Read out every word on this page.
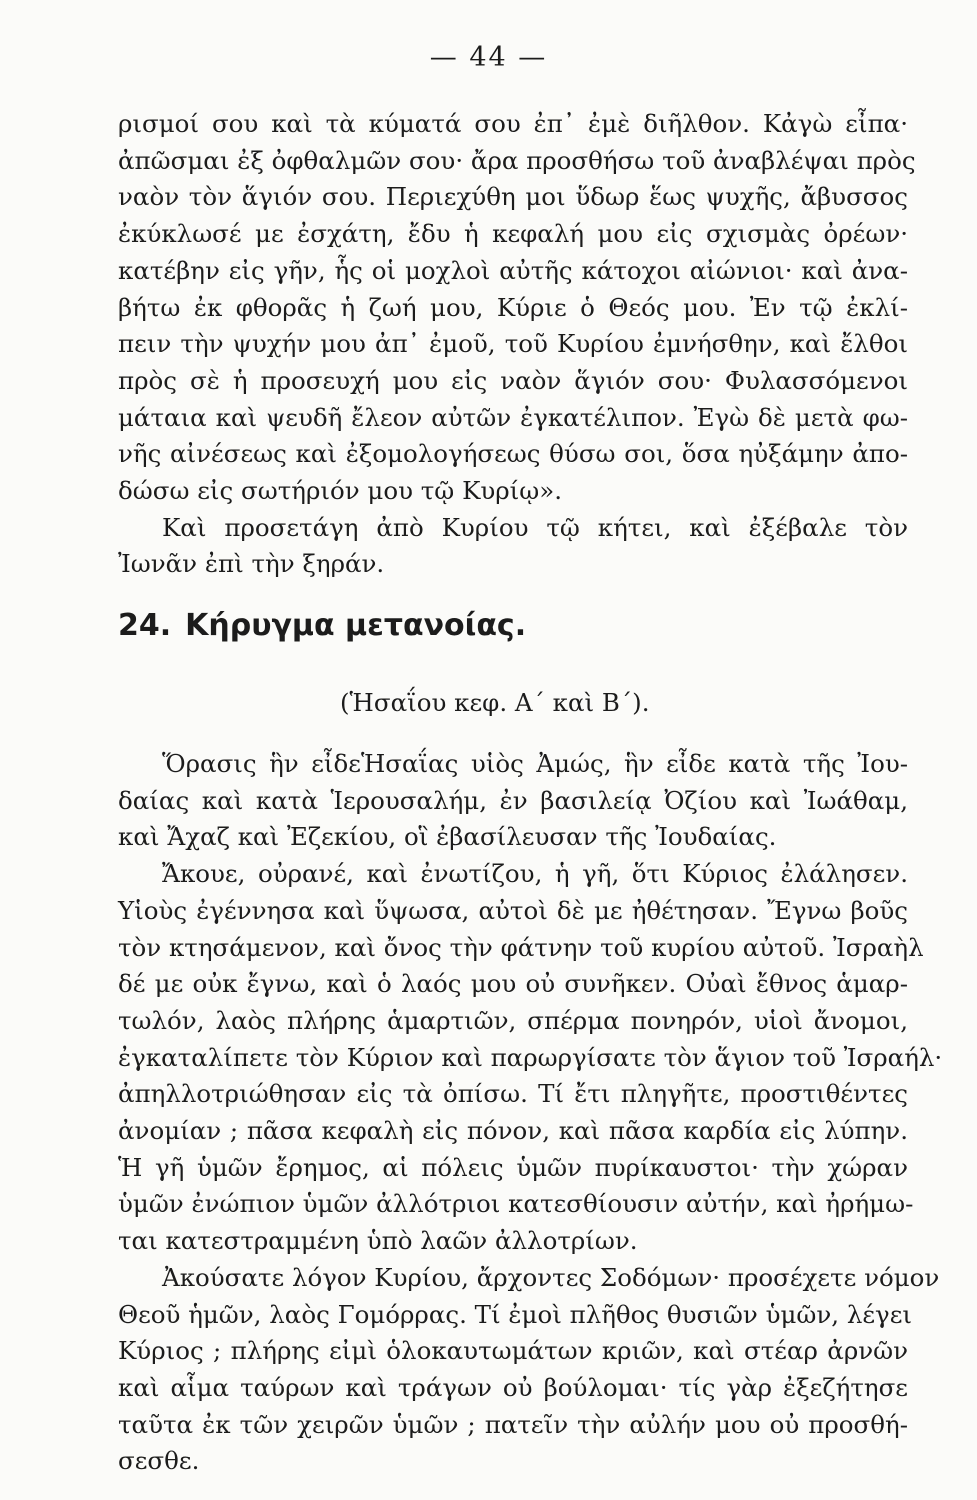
— 44 —
ρισμοί σου καὶ τὰ κύματά σου ἐπ᾽ ἐμὲ διῆλθον. Κἀγὼ εἶπα·
ἀπῶσμαι ἐξ ὀφθαλμῶν σου· ἄρα προσθήσω τοῦ ἀναβλέψαι πρὸς
ναὸν τὸν ἅγιόν σου. Περιεχύθη μοι ὕδωρ ἕως ψυχῆς, ἄβυσσος
ἐκύκλωσέ με ἐσχάτη, ἔδυ ἡ κεφαλή μου εἰς σχισμὰς ὀρέων·
κατέβην εἰς γῆν, ἧς οἱ μοχλοὶ αὐτῆς κάτοχοι αἰώνιοι· καὶ ἀνα-
βήτω ἐκ φθορᾶς ἡ ζωή μου, Κύριε ὁ Θεός μου. Ἐν τῷ ἐκλί-
πειν τὴν ψυχήν μου ἀπ᾽ ἐμοῦ, τοῦ Κυρίου ἐμνήσθην, καὶ ἔλθοι
πρὸς σὲ ἡ προσευχή μου εἰς ναὸν ἅγιόν σου· Φυλασσόμενοι
μάταια καὶ ψευδῆ ἔλεον αὐτῶν ἐγκατέλιπον. Ἐγὼ δὲ μετὰ φω-
νῆς αἰνέσεως καὶ ἐξομολογήσεως θύσω σοι, ὅσα ηὐξάμην ἀπο-
δώσω εἰς σωτήριόν μου τῷ Κυρίῳ».
Καὶ προσετάγη ἀπὸ Κυρίου τῷ κήτει, καὶ ἐξέβαλε τὸν
Ἰωνᾶν ἐπὶ τὴν ξηράν.
24. Κήρυγμα μετανοίας.
(Ἡσαΐου κεφ. Α΄ καὶ Β΄).
Ὅρασις ἣν εἶδεἩσαΐας υἱὸς Ἀμώς, ἣν εἶδε κατὰ τῆς Ἰου-
δαίας καὶ κατὰ Ἱερουσαλήμ, ἐν βασιλείᾳ Ὀζίου καὶ Ἰωάθαμ,
καὶ Ἄχαζ καὶ Ἐζεκίου, οἳ ἐβασίλευσαν τῆς Ἰουδαίας.
Ἄκουε, οὐρανέ, καὶ ἐνωτίζου, ἡ γῆ, ὅτι Κύριος ἐλάλησεν.
Υἱοὺς ἐγέννησα καὶ ὕψωσα, αὐτοὶ δὲ με ἠθέτησαν. Ἔγνω βοῦς
τὸν κτησάμενον, καὶ ὄνος τὴν φάτνην τοῦ κυρίου αὐτοῦ. Ἰσραὴλ
δέ με οὐκ ἔγνω, καὶ ὁ λαός μου οὐ συνῆκεν. Οὐαὶ ἔθνος ἁμαρ-
τωλόν, λαὸς πλήρης ἁμαρτιῶν, σπέρμα πονηρόν, υἱοὶ ἄνομοι,
ἐγκαταλίπετε τὸν Κύριον καὶ παρωργίσατε τὸν ἅγιον τοῦ Ἰσραήλ·
ἀπηλλοτριώθησαν εἰς τὰ ὀπίσω. Τί ἔτι πληγῆτε, προστιθέντες
ἀνομίαν ; πᾶσα κεφαλὴ εἰς πόνον, καὶ πᾶσα καρδία εἰς λύπην.
Ἡ γῆ ὑμῶν ἔρημος, αἱ πόλεις ὑμῶν πυρίκαυστοι· τὴν χώραν
ὑμῶν ἐνώπιον ὑμῶν ἀλλότριοι κατεσθίουσιν αὐτήν, καὶ ἠρήμω-
ται κατεστραμμένη ὑπὸ λαῶν ἀλλοτρίων.
Ἀκούσατε λόγον Κυρίου, ἄρχοντες Σοδόμων· προσέχετε νόμον
Θεοῦ ἡμῶν, λαὸς Γομόρρας. Τί ἐμοὶ πλῆθος θυσιῶν ὑμῶν, λέγει
Κύριος ; πλήρης εἰμὶ ὁλοκαυτωμάτων κριῶν, καὶ στέαρ ἀρνῶν
καὶ αἷμα ταύρων καὶ τράγων οὐ βούλομαι· τίς γὰρ ἐξεζήτησε
ταῦτα ἐκ τῶν χειρῶν ὑμῶν ; πατεῖν τὴν αὐλήν μου οὐ προσθή-
σεσθε.
